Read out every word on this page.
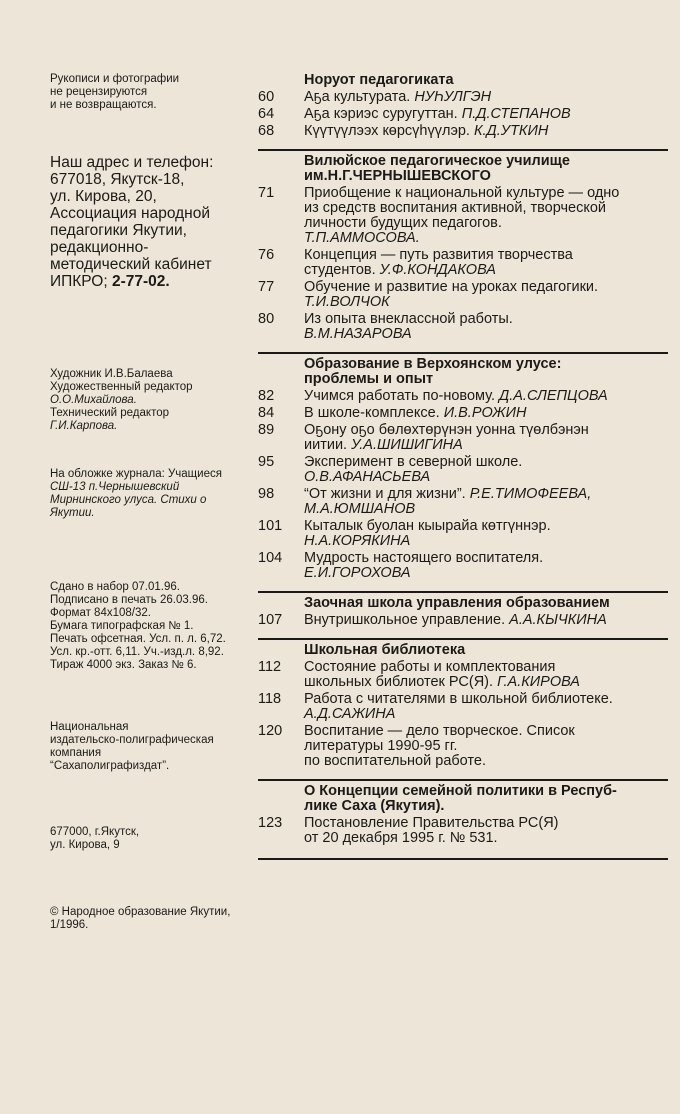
Рукописи и фотографии
не рецензируются
и не возвращаются.
Наш адрес и телефон:
677018, Якутск-18,
ул. Кирова, 20,
Ассоциация народной
педагогики Якутии,
редакционно-
методический кабинет
ИПКРО; 2-77-02.
Художник И.В.Балаева
Художественный редактор
О.О.Михайлова.
Технический редактор
Г.И.Карпова.
На обложке журнала: Учащиеся
СШ-13 п.Чернышевский
Мирнинского улуса. Стихи о
Якутии.
Сдано в набор 07.01.96.
Подписано в печать 26.03.96.
Формат 84x108/32.
Бумага типографская № 1.
Печать офсетная. Усл. п. л. 6,72.
Усл. кр.-отт. 6,11. Уч.-изд.л. 8,92.
Тираж 4000 экз. Заказ № 6.
Национальная
издательско-полиграфическая
компания
“Сахаполиграфиздат”.
677000, г.Якутск,
ул. Кирова, 9
© Народное образование Якутии,
1/1996.
Норуот педагогиката
60	Аҕа культурата. НУҺУЛГЭН
64	Аҕа кэриэс суругуттан. П.Д.СТЕПАНОВ
68	Күүтүүлээх көрсүһүүлэр. К.Д.УТКИН
Вилюйское педагогическое училище
им.Н.Г.ЧЕРНЫШЕВСКОГО
71	Приобщение к национальной культуре — одно
из средств воспитания активной, творческой
личности будущих педагогов.
Т.П.АММОСОВА.
76	Концепция — путь развития творчества
студентов. У.Ф.КОНДАКОВА
77	Обучение и развитие на уроках педагогики.
Т.И.ВОЛЧОК
80	Из опыта внеклассной работы.
В.М.НАЗАРОВА
Образование в Верхоянском улусе:
проблемы и опыт
82	Учимся работать по-новому. Д.А.СЛЕПЦОВА
84	В школе-комплексе. И.В.РОЖИН
89	Оҕону оҕо бөлөхтөрүнэн уонна түөлбэнэн
иитии. У.А.ШИШИГИНА
95	Эксперимент в северной школе.
О.В.АФАНАСЬЕВА
98	“От жизни и для жизни”. Р.Е.ТИМОФЕЕВА,
М.А.ЮМШАНОВ
101	Кыталык буолан кыырайа көтгүннэр.
Н.А.КОРЯКИНА
104	Мудрость настоящего воспитателя.
Е.И.ГОРОХОВА
Заочная школа управления образованием
107	Внутришкольное управление. А.А.КЫЧКИНА
Школьная библиотека
112	Состояние работы и комплектования
школьных библиотек РС(Я). Г.А.КИРОВА
118	Работа с читателями в школьной библиотеке.
А.Д.САЖИНА
120	Воспитание — дело творческое. Список
литературы 1990-95 гг.
по воспитательной работе.
О Концепции семейной политики в Респуб-
лике Саха (Якутия).
123	Постановление Правительства РС(Я)
от 20 декабря 1995 г. № 531.
